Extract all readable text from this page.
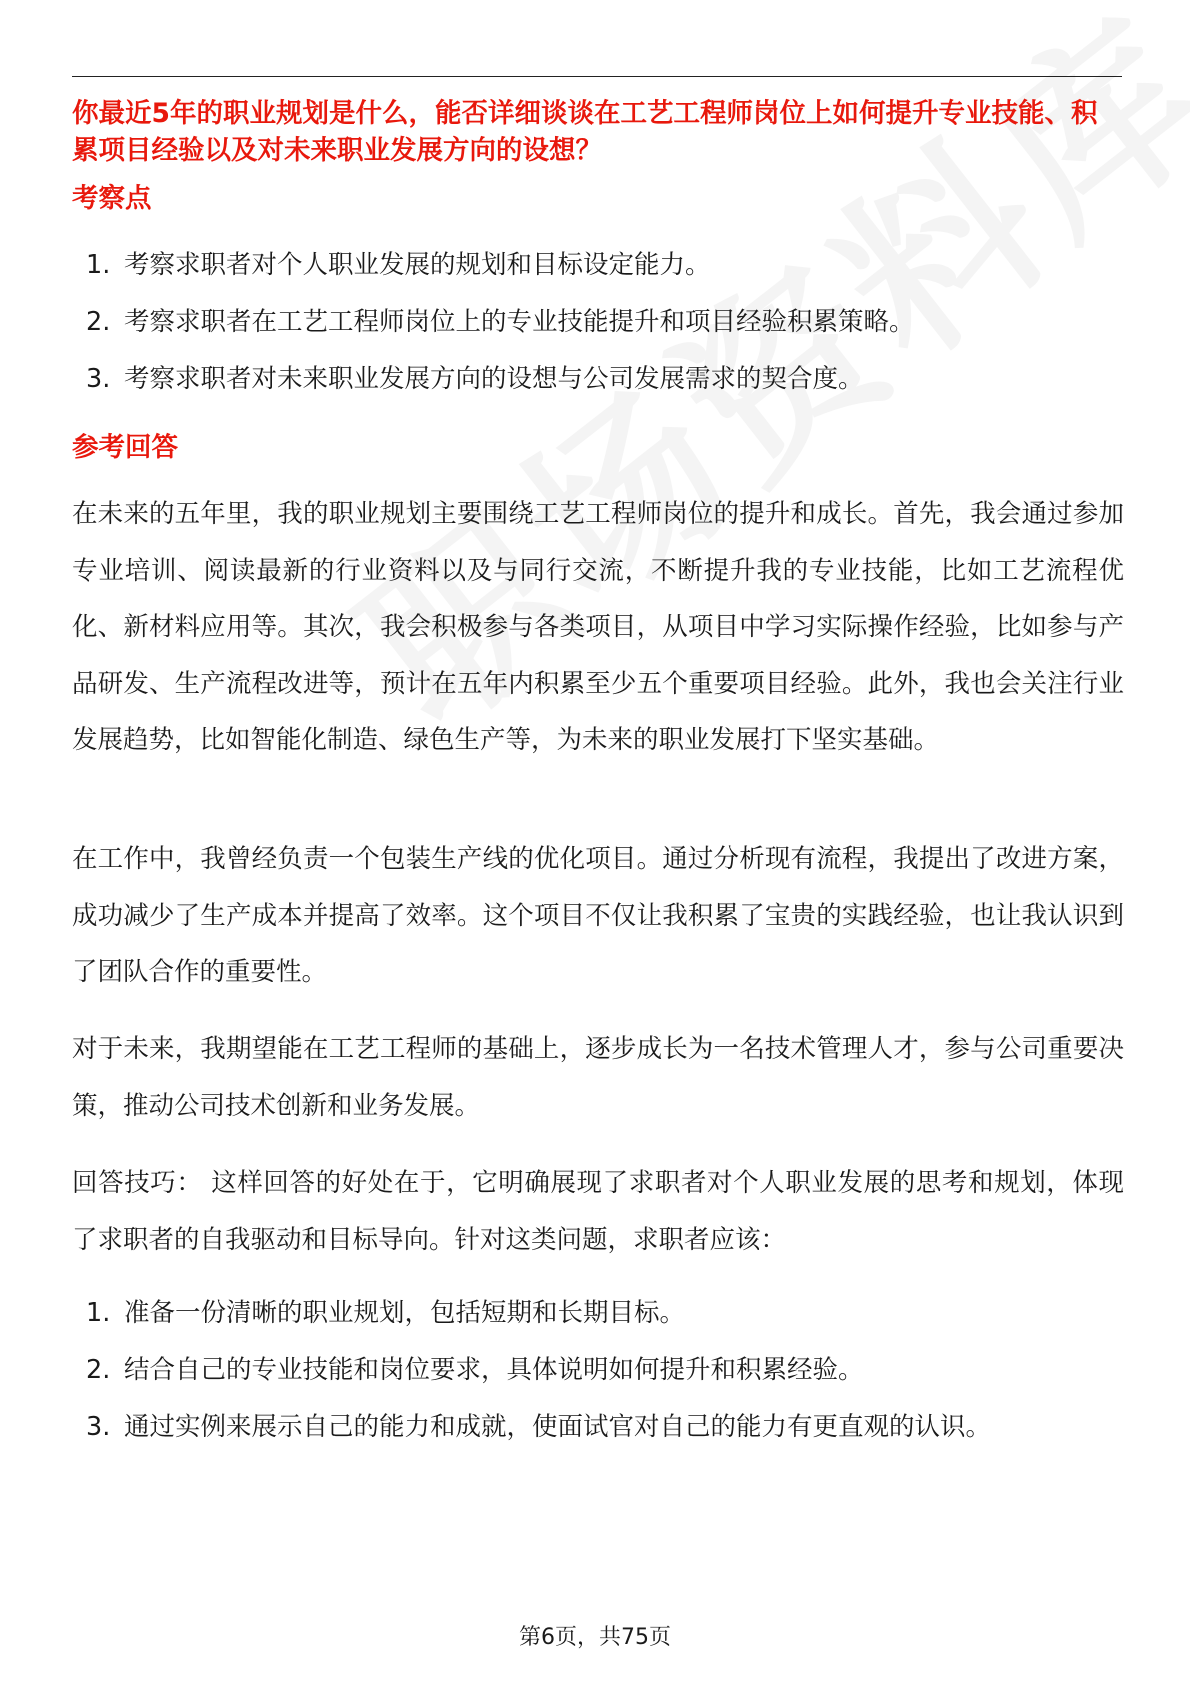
你最近5年的职业规划是什么，能否详细谈谈在工艺工程师岗位上如何提升专业技能、积累项目经验以及对未来职业发展方向的设想？
考察点
1. 考察求职者对个人职业发展的规划和目标设定能力。
2. 考察求职者在工艺工程师岗位上的专业技能提升和项目经验积累策略。
3. 考察求职者对未来职业发展方向的设想与公司发展需求的契合度。
参考回答

在未来的五年里，我的职业规划主要围绕工艺工程师岗位的提升和成长。首先，我会通过参加专业培训、阅读最新的行业资料以及与同行交流，不断提升我的专业技能，比如工艺流程优化、新材料应用等。其次，我会积极参与各类项目，从项目中学习实际操作经验，比如参与产品研发、生产流程改进等，预计在五年内积累至少五个重要项目经验。此外，我也会关注行业发展趋势，比如智能化制造、绿色生产等，为未来的职业发展打下坚实基础。

在工作中，我曾经负责一个包装生产线的优化项目。通过分析现有流程，我提出了改进方案，成功减少了生产成本并提高了效率。这个项目不仅让我积累了宝贵的实践经验，也让我认识到了团队合作的重要性。

对于未来，我期望能在工艺工程师的基础上，逐步成长为一名技术管理人才，参与公司重要决策，推动公司技术创新和业务发展。

回答技巧： 这样回答的好处在于，它明确展现了求职者对个人职业发展的思考和规划，体现了求职者的自我驱动和目标导向。针对这类问题，求职者应该：

1. 准备一份清晰的职业规划，包括短期和长期目标。
2. 结合自己的专业技能和岗位要求，具体说明如何提升和积累经验。
3. 通过实例来展示自己的能力和成就，使面试官对自己的能力有更直观的认识。
第6页，共75页
